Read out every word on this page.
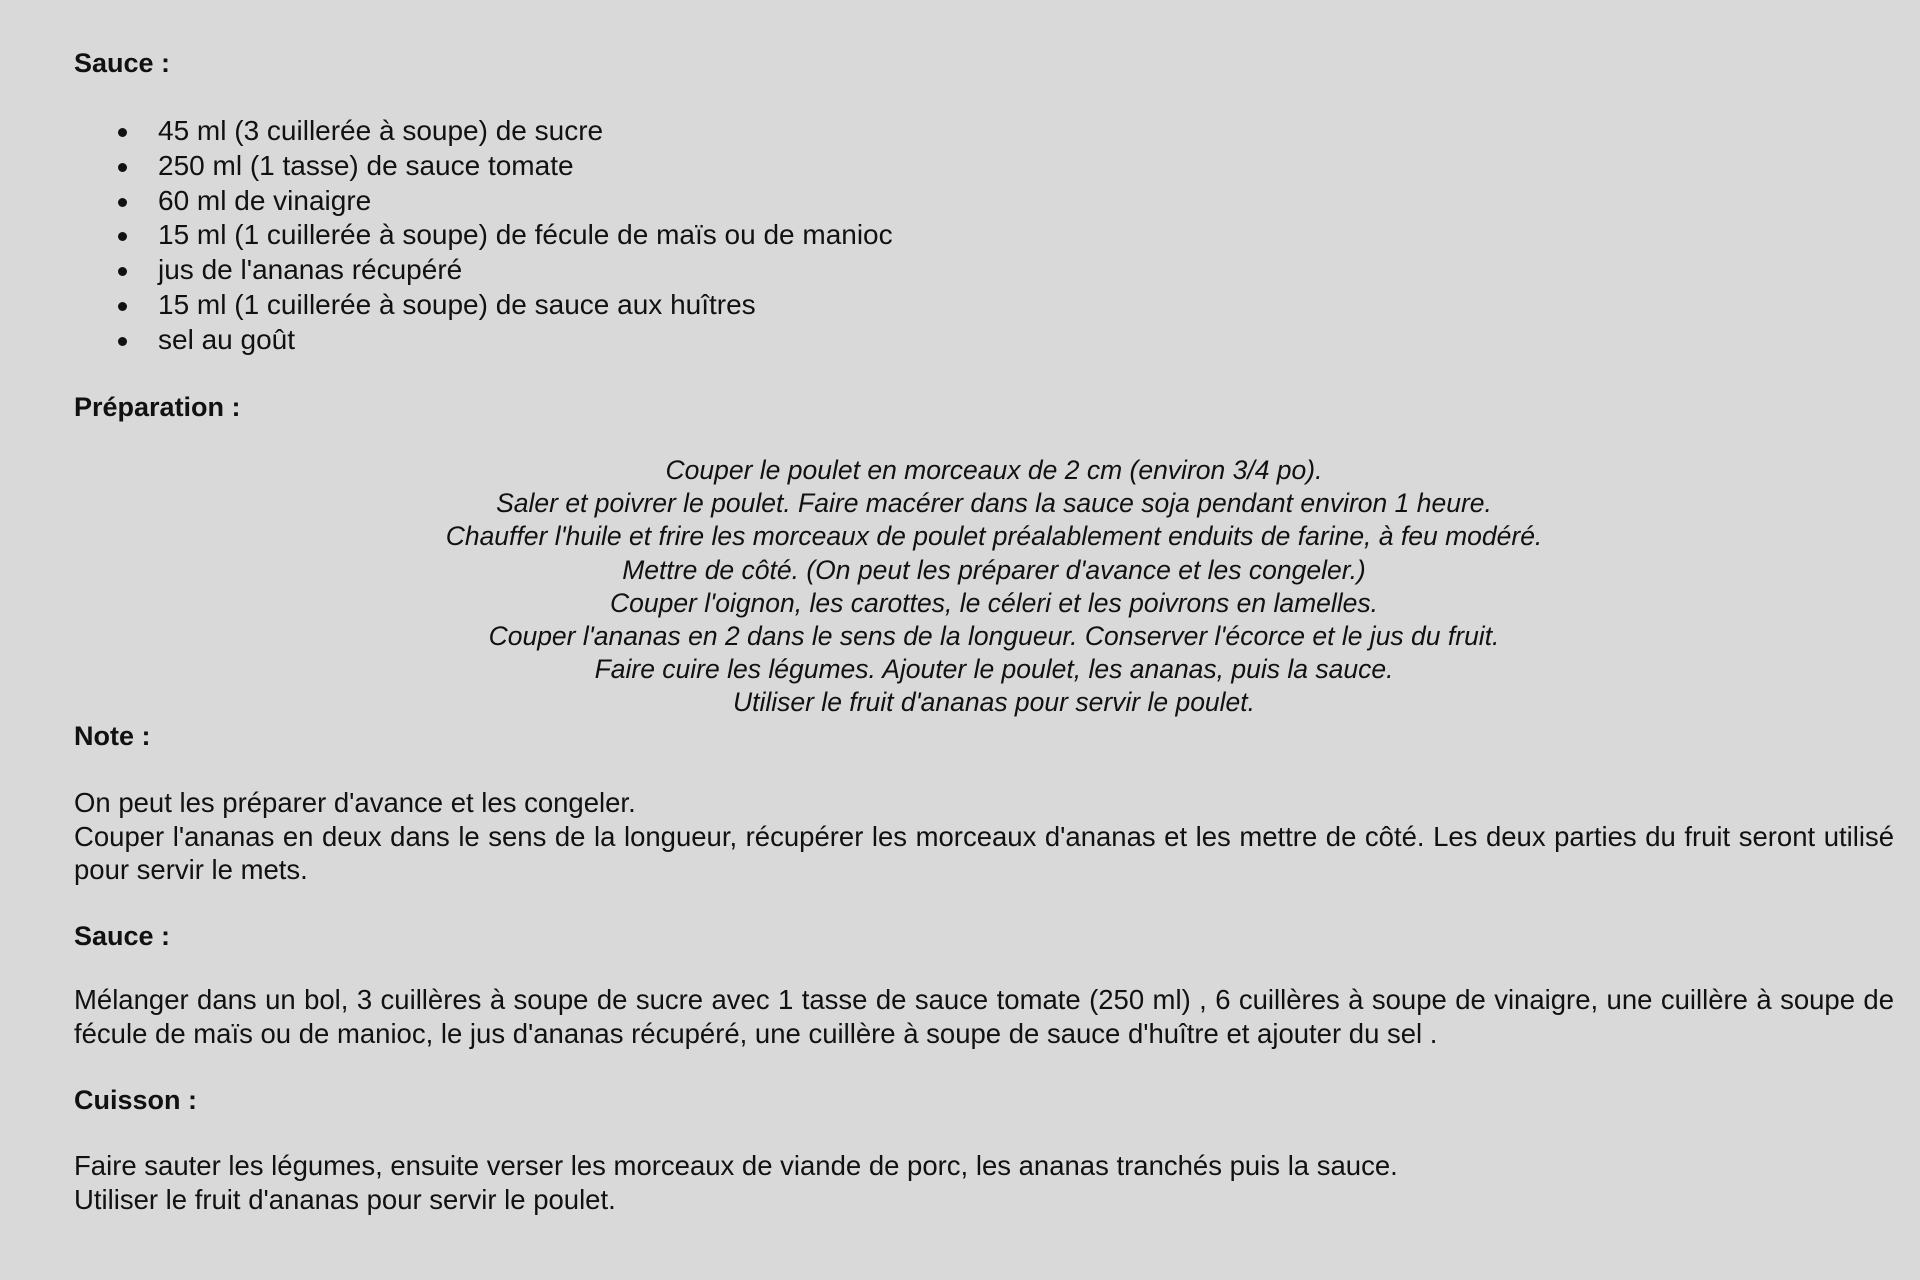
Sauce :
45 ml (3 cuillerée à soupe) de sucre
250 ml (1 tasse) de sauce tomate
60 ml de vinaigre
15 ml (1 cuillerée à soupe) de fécule de maïs ou de manioc
jus de l'ananas récupéré
15 ml (1 cuillerée à soupe) de sauce aux huîtres
sel au goût
Préparation :
Couper le poulet en morceaux de 2 cm (environ 3/4 po).
Saler et poivrer le poulet. Faire macérer dans la sauce soja pendant environ 1 heure.
Chauffer l'huile et frire les morceaux de poulet préalablement enduits de farine, à feu modéré.
Mettre de côté. (On peut les préparer d'avance et les congeler.)
Couper l'oignon, les carottes, le céleri et les poivrons en lamelles.
Couper l'ananas en 2 dans le sens de la longueur. Conserver l'écorce et le jus du fruit.
Faire cuire les légumes. Ajouter le poulet, les ananas, puis la sauce.
Utiliser le fruit d'ananas pour servir le poulet.
Note :
On peut les préparer d'avance et les congeler.
Couper l'ananas en deux dans le sens de la longueur, récupérer les morceaux d'ananas et les mettre de côté. Les deux parties du fruit seront utilisé pour servir le mets.
Sauce :
Mélanger dans un bol, 3 cuillères à soupe de sucre avec 1 tasse de sauce tomate (250 ml) , 6 cuillères à soupe de vinaigre, une cuillère à soupe de fécule de maïs ou de manioc, le jus d'ananas récupéré, une cuillère à soupe de sauce d'huître et ajouter du sel .
Cuisson :
Faire sauter les légumes, ensuite verser les morceaux de viande de porc, les ananas tranchés puis la sauce.
Utiliser le fruit d'ananas pour servir le poulet.
